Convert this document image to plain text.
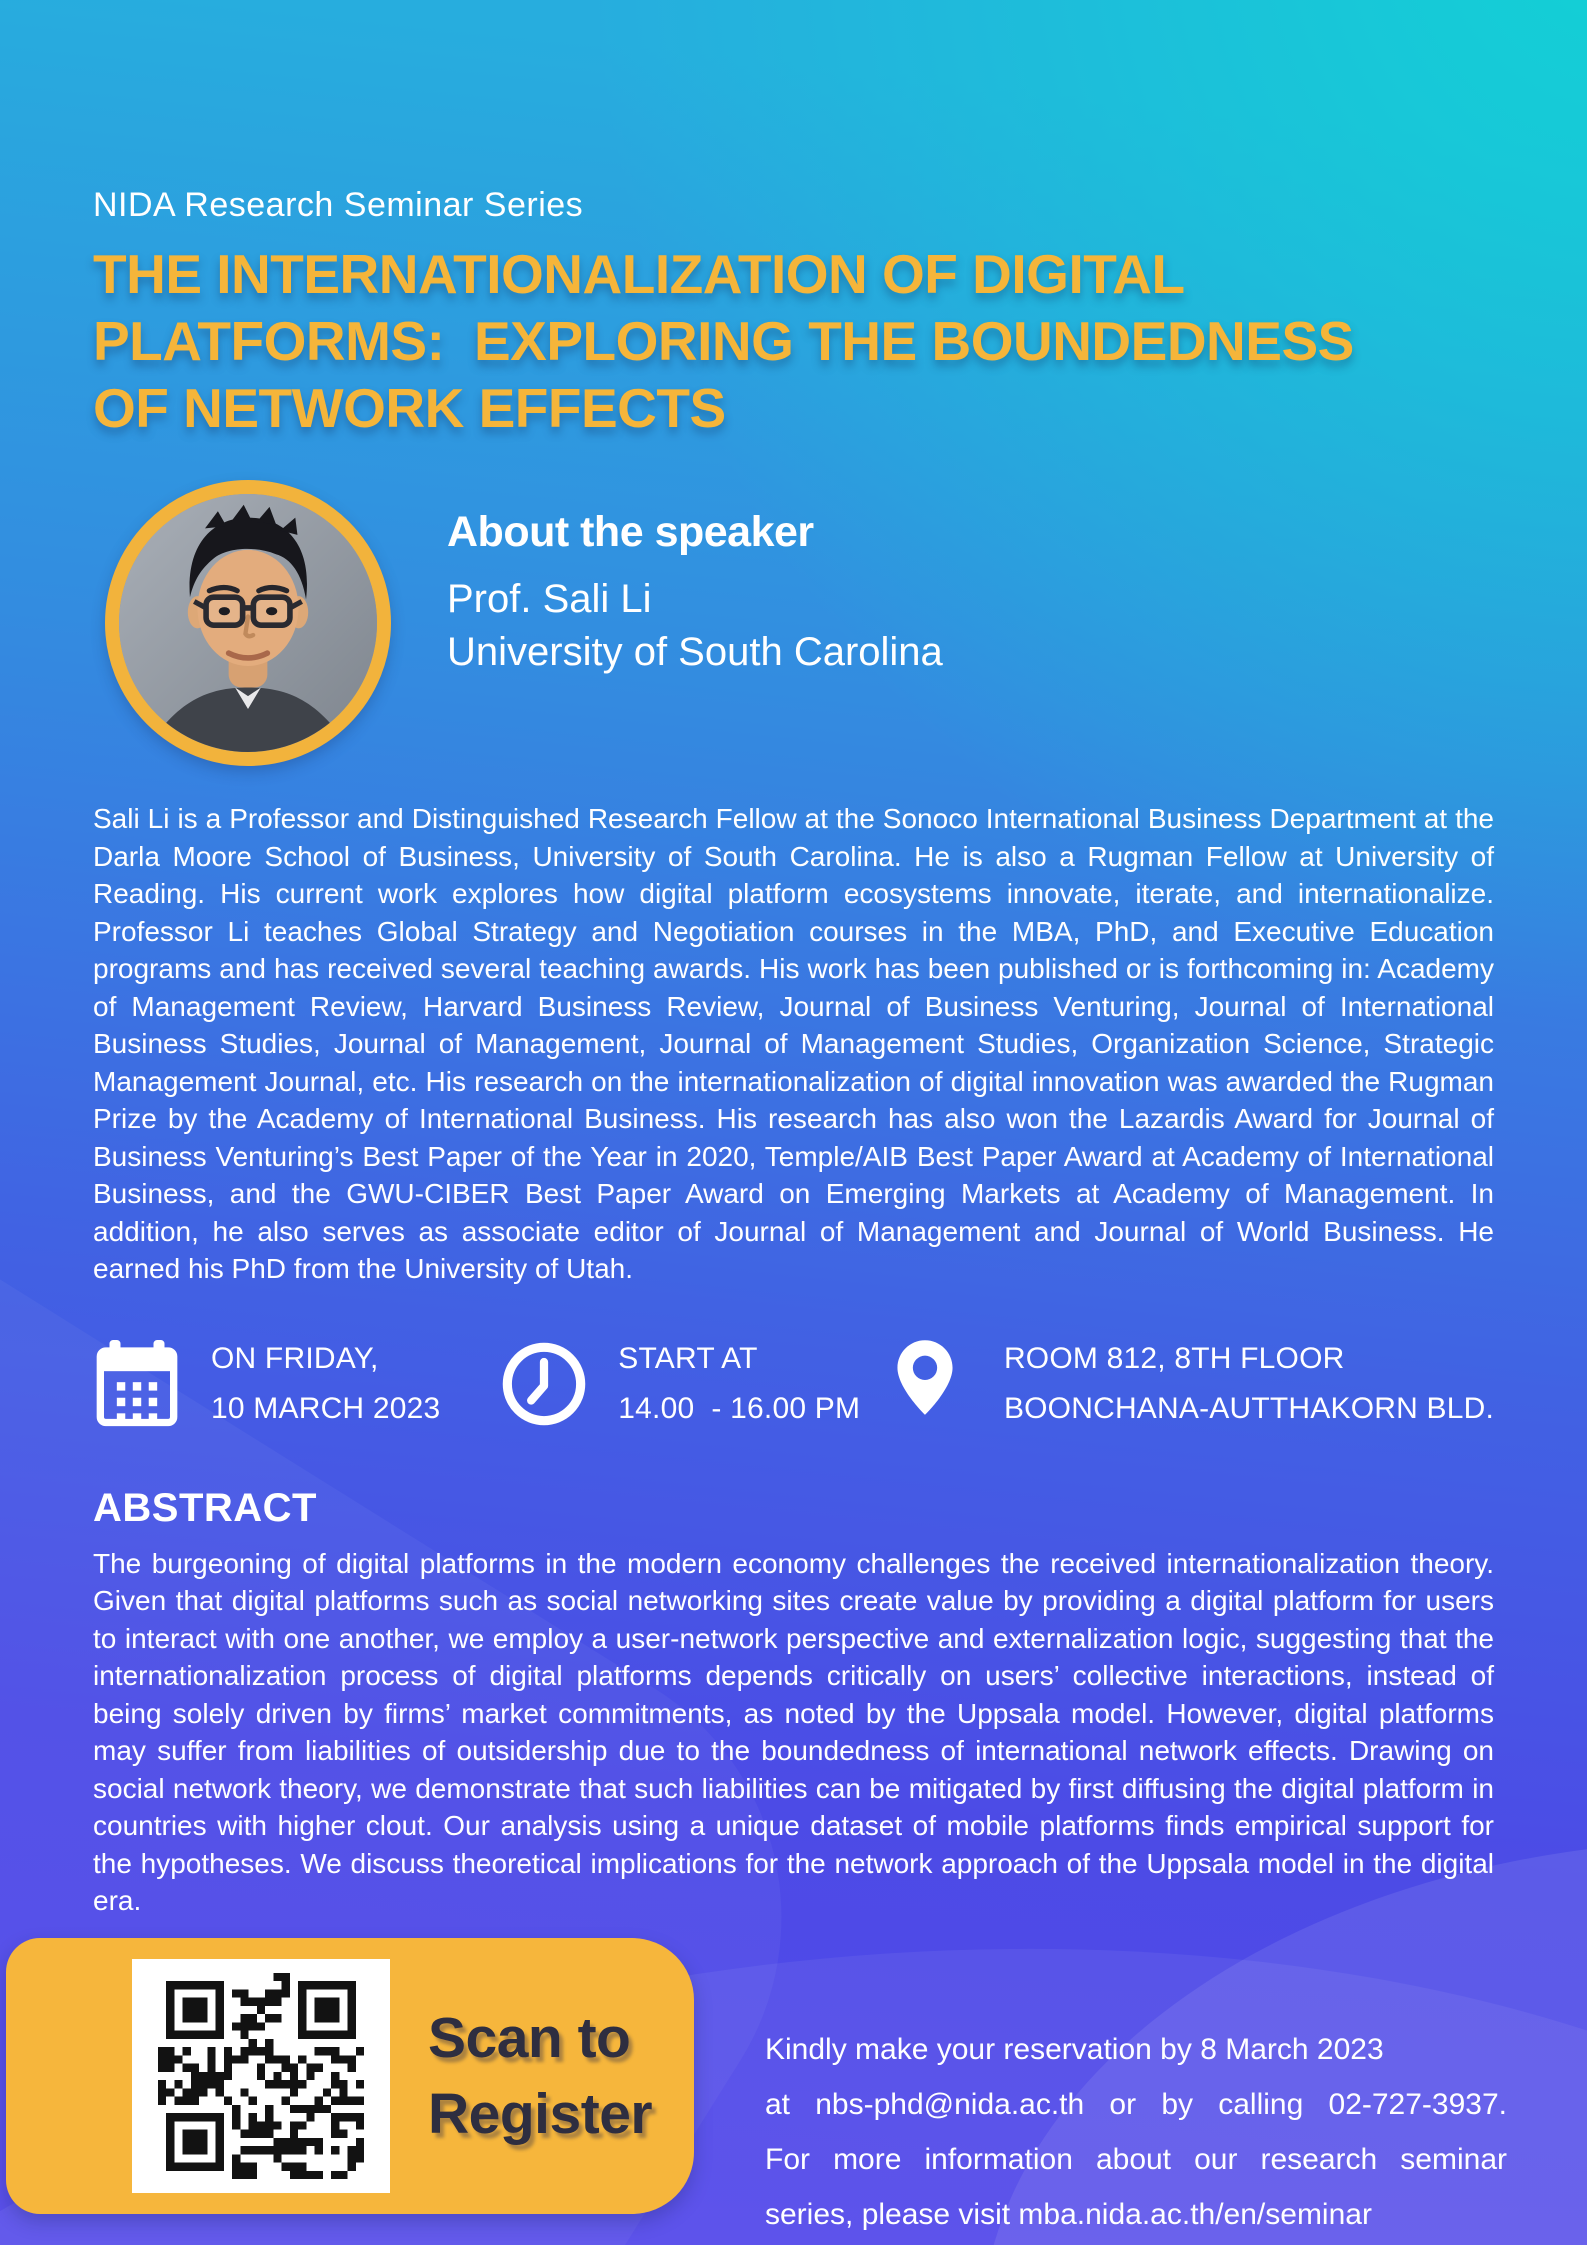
NIDA Research Seminar Series
THE INTERNATIONALIZATION OF DIGITAL
PLATFORMS:  EXPLORING THE BOUNDEDNESS
OF NETWORK EFFECTS
About the speaker
Prof. Sali Li
University of South Carolina

Sali Li is a Professor and Distinguished Research Fellow at the Sonoco International Business Department at the Darla Moore School of Business, University of South Carolina. He is also a Rugman Fellow at University of Reading. His current work explores how digital platform ecosystems innovate, iterate, and internationalize. Professor Li teaches Global Strategy and Negotiation courses in the MBA, PhD, and Executive Education programs and has received several teaching awards. His work has been published or is forthcoming in: Academy of Management Review, Harvard Business Review, Journal of Business Venturing, Journal of International Business Studies, Journal of Management, Journal of Management Studies, Organization Science, Strategic Management Journal, etc. His research on the internationalization of digital innovation was awarded the Rugman Prize by the Academy of International Business. His research has also won the Lazardis Award for Journal of Business Venturing’s Best Paper of the Year in 2020, Temple/AIB Best Paper Award at Academy of International Business, and the GWU-CIBER Best Paper Award on Emerging Markets at Academy of Management. In addition, he also serves as associate editor of Journal of Management and Journal of World Business. He earned his PhD from the University of Utah.

ON FRIDAY,
10 MARCH 2023
START AT
14.00  - 16.00 PM
ROOM 812, 8TH FLOOR
BOONCHANA-AUTTHAKORN BLD.
ABSTRACT

The burgeoning of digital platforms in the modern economy challenges the received internationalization theory. Given that digital platforms such as social networking sites create value by providing a digital platform for users to interact with one another, we employ a user-network perspective and externalization logic, suggesting that the internationalization process of digital platforms depends critically on users’ collective interactions, instead of being solely driven by firms’ market commitments, as noted by the Uppsala model. However, digital platforms may suffer from liabilities of outsidership due to the boundedness of international network effects. Drawing on social network theory, we demonstrate that such liabilities can be mitigated by first diffusing the digital platform in countries with higher clout. Our analysis using a unique dataset of mobile platforms finds empirical support for the hypotheses. We discuss theoretical implications for the network approach of the Uppsala model in the digital era.

Scan to
Register
Kindly make your reservation by 8 March 2023
at nbs-phd@nida.ac.th or by calling 02-727-3937.
For more information about our research seminar
series, please visit mba.nida.ac.th/en/seminar
